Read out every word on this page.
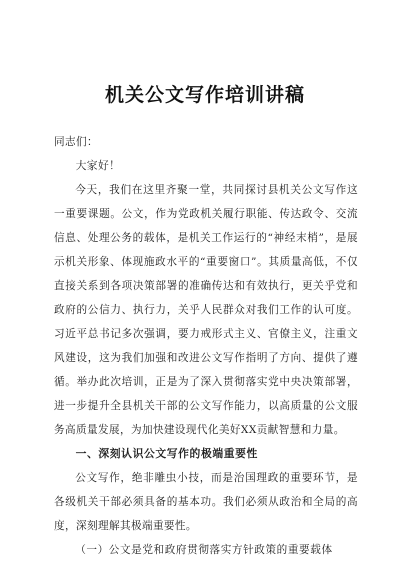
机关公文写作培训讲稿

同志们：

大家好！

今天，我们在这里齐聚一堂，共同探讨县机关公文写作这一重要课题。公文，作为党政机关履行职能、传达政令、交流信息、处理公务的载体，是机关工作运行的“神经末梢”，是展示机关形象、体现施政水平的“重要窗口”。其质量高低，不仅直接关系到各项决策部署的准确传达和有效执行，更关乎党和政府的公信力、执行力，关乎人民群众对我们工作的认可度。习近平总书记多次强调，要力戒形式主义、官僚主义，注重文风建设，这为我们加强和改进公文写作指明了方向、提供了遵循。举办此次培训，正是为了深入贯彻落实党中央决策部署，进一步提升全县机关干部的公文写作能力，以高质量的公文服务高质量发展，为加快建设现代化美好XX贡献智慧和力量。

一、深刻认识公文写作的极端重要性

公文写作，绝非雕虫小技，而是治国理政的重要环节，是各级机关干部必须具备的基本功。我们必须从政治和全局的高度，深刻理解其极端重要性。

（一）公文是党和政府贯彻落实方针政策的重要载体
